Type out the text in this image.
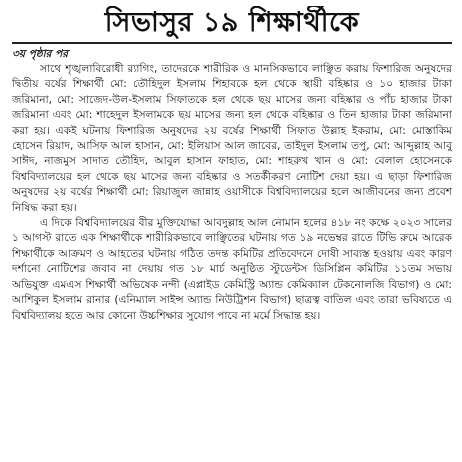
সিভাসুর ১৯ শিক্ষার্থীকে
৩য় পৃষ্ঠার পর

সাথে শৃঙ্খলাবিরোধী র‌্যাগিং, তাদেরকে শারীরিক ও মানসিকভাবে লাঞ্ছিত করায় ফিশারিজ অনুষদের দ্বিতীয় বর্ষের শিক্ষার্থী মো: তৌহিদুল ইসলাম শিহাবকে হল থেকে স্থায়ী বহিষ্কার ও ১০ হাজার টাকা জরিমানা, মো: সাজেদ-উল-ইসলাম সিফাতকে হল থেকে ছয় মাসের জন্য বহিষ্কার ও পাঁচ হাজার টাকা জরিমানা এবং মো: শাহেদুল ইসলামকে ছয় মাসের জন্য হল থেকে বহিষ্কার ও তিন হাজার টাকা জরিমানা করা হয়। একই ঘটনায় ফিশারিজ অনুষদের ২য় বর্ষের শিক্ষার্থী সিফাত উল্লাহ ইকরাম, মো: মোস্তাকিম হোসেন রিয়াদ, আসিফ আল হাসান, মো: ইলিয়াস আল জাবের, তাইদুল ইসলাম তপু, মো: আব্দুল্লাহ আবু সাঈদ, নাজমুস সাদাত তৌহিদ, আবুল হাসান ফাহাত, মো: শাহরুখ খান ও মো: বেলাল হোসেনকে বিশ্ববিদ্যালয়ের হল থেকে ছয় মাসের জন্য বহিষ্কার ও সতর্কীকরণ নোটিশ দেয়া হয়। এ ছাড়া ফিশারিজ অনুষদের ২য় বর্ষের শিক্ষার্থী মো: রিয়াজুল জান্নাহ ওয়াসীকে বিশ্ববিদ্যালয়ের হলে আজীবনের জন্য প্রবেশ নিষিদ্ধ করা হয়।

এ দিকে বিশ্ববিদ্যালয়ের বীর মুক্তিযোদ্ধা আবদুল্লাহ আল নোমান হলের ৪১৮ নং কক্ষে ২০২৩ সালের ১ আগস্ট রাতে এক শিক্ষার্থীকে শারীরিকভাবে লাঞ্ছিতের ঘটনায় গত ১৯ নভেম্বর রাতে টিভি রুমে আরেক শিক্ষার্থীকে আক্রমণ ও আহতের ঘটনায় গঠিত তদন্ত কমিটির প্রতিবেদনে দোষী সাব্যস্ত হওয়ায় এবং কারণ দর্শানো নোটিশের জবাব না দেয়ায় গত ১৮ মার্চ অনুষ্ঠিত স্টুডেন্টস ডিসিপ্লিন কমিটির ১১তম সভায় অভিযুক্ত এমএস শিক্ষার্থী অভিষেক নন্দী (এপ্লাইড কেমিস্ট্রি অ্যান্ড কেমিক্যাল টেকনোলজি বিভাগ) ও মো: আশিকুল ইসলাম রানার (এনিম্যাল সাইন্স অ্যান্ড নিউট্রিশন বিভাগ) ছাত্রত্ব বাতিল এবং তারা ভবিষ্যতে এ বিশ্ববিদ্যালয় হতে আর কোনো উচ্চশিক্ষার সুযোগ পাবে না মর্মে সিদ্ধান্ত হয়।
